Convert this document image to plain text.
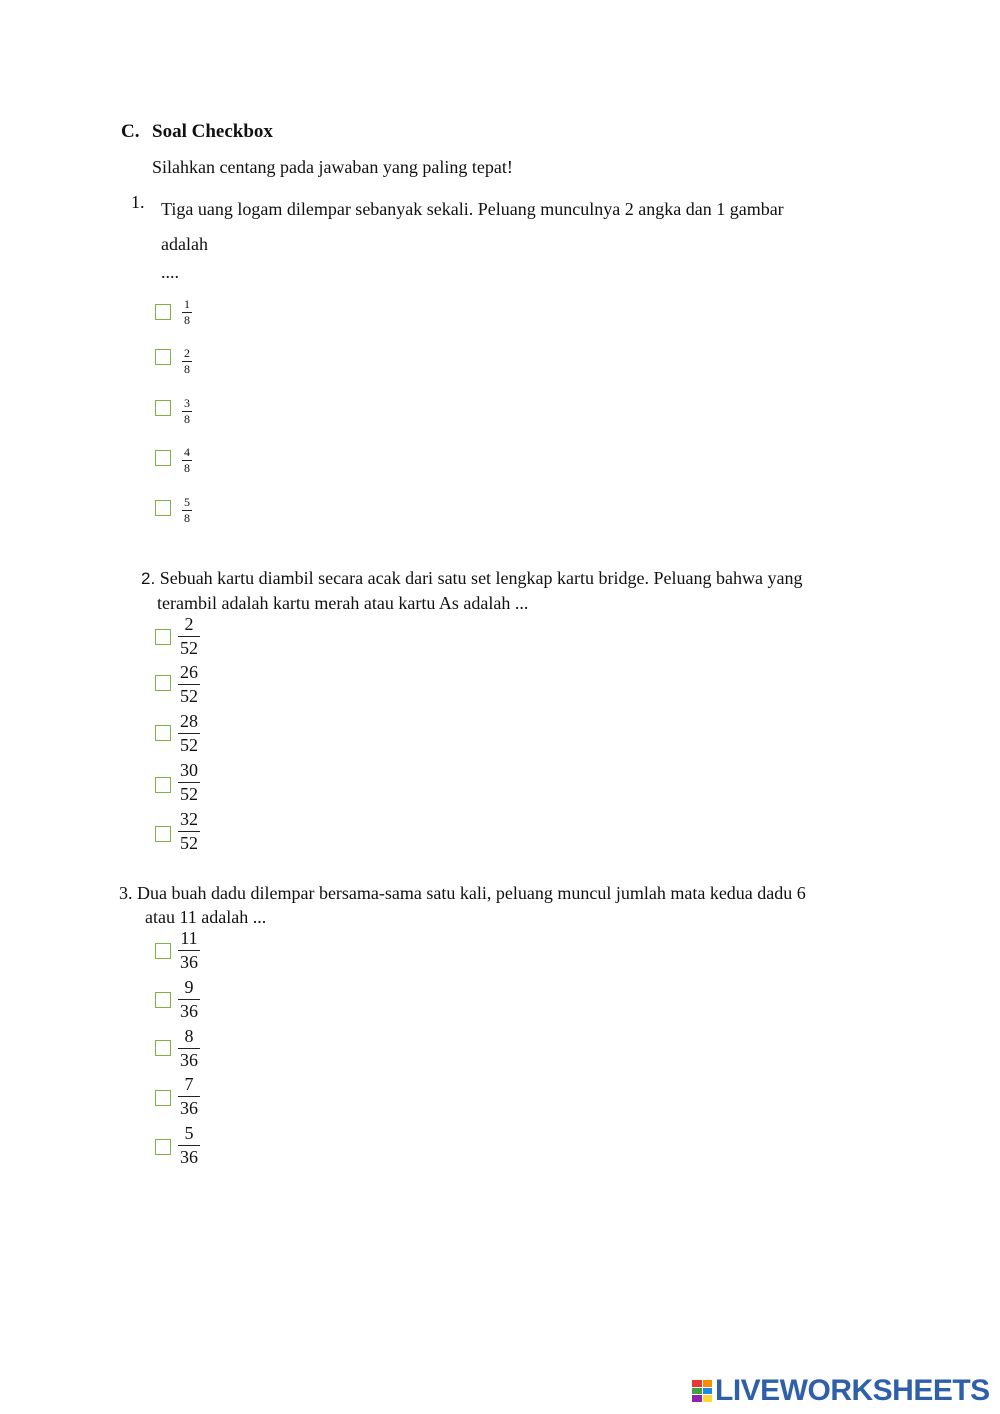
C. Soal Checkbox
Silahkan centang pada jawaban yang paling tepat!
1. Tiga uang logam dilempar sebanyak sekali. Peluang munculnya 2 angka dan 1 gambar
adalah
....
1
8
2
8
3
8
4
8
5
8
2. Sebuah kartu diambil secara acak dari satu set lengkap kartu bridge. Peluang bahwa yang
terambil adalah kartu merah atau kartu As adalah ...
2
52
26
52
28
52
30
52
32
52
3. Dua buah dadu dilempar bersama-sama satu kali, peluang muncul jumlah mata kedua dadu 6
atau 11 adalah ...
11
36
9
36
8
36
7
36
5
36
LIVEWORKSHEETS
